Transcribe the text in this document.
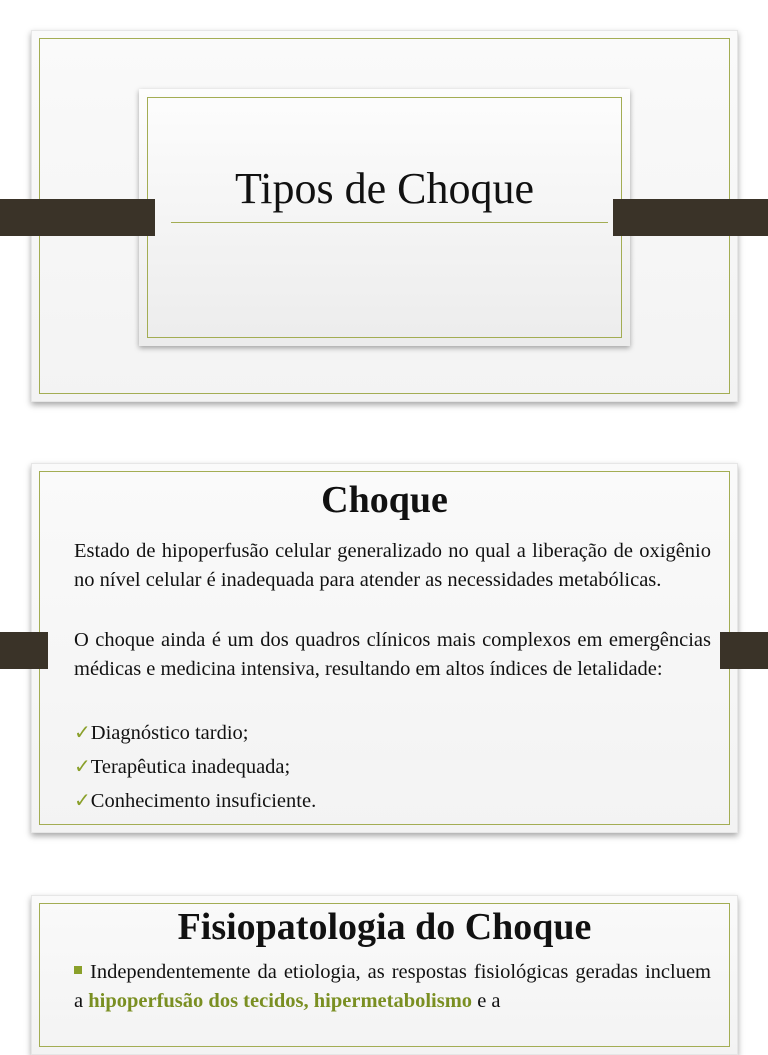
Tipos de Choque
Choque

Estado de hipoperfusão celular generalizado no qual a liberação de oxigênio no nível celular é inadequada para atender as necessidades metabólicas.

O choque ainda é um dos quadros clínicos mais complexos em emergências médicas e medicina intensiva, resultando em altos índices de letalidade:

✓Diagnóstico tardio;
✓Terapêutica inadequada;
✓Conhecimento insuficiente.
Fisiopatologia do Choque
Independentemente da etiologia, as respostas fisiológicas geradas incluem a hipoperfusão dos tecidos, hipermetabolismo e a
